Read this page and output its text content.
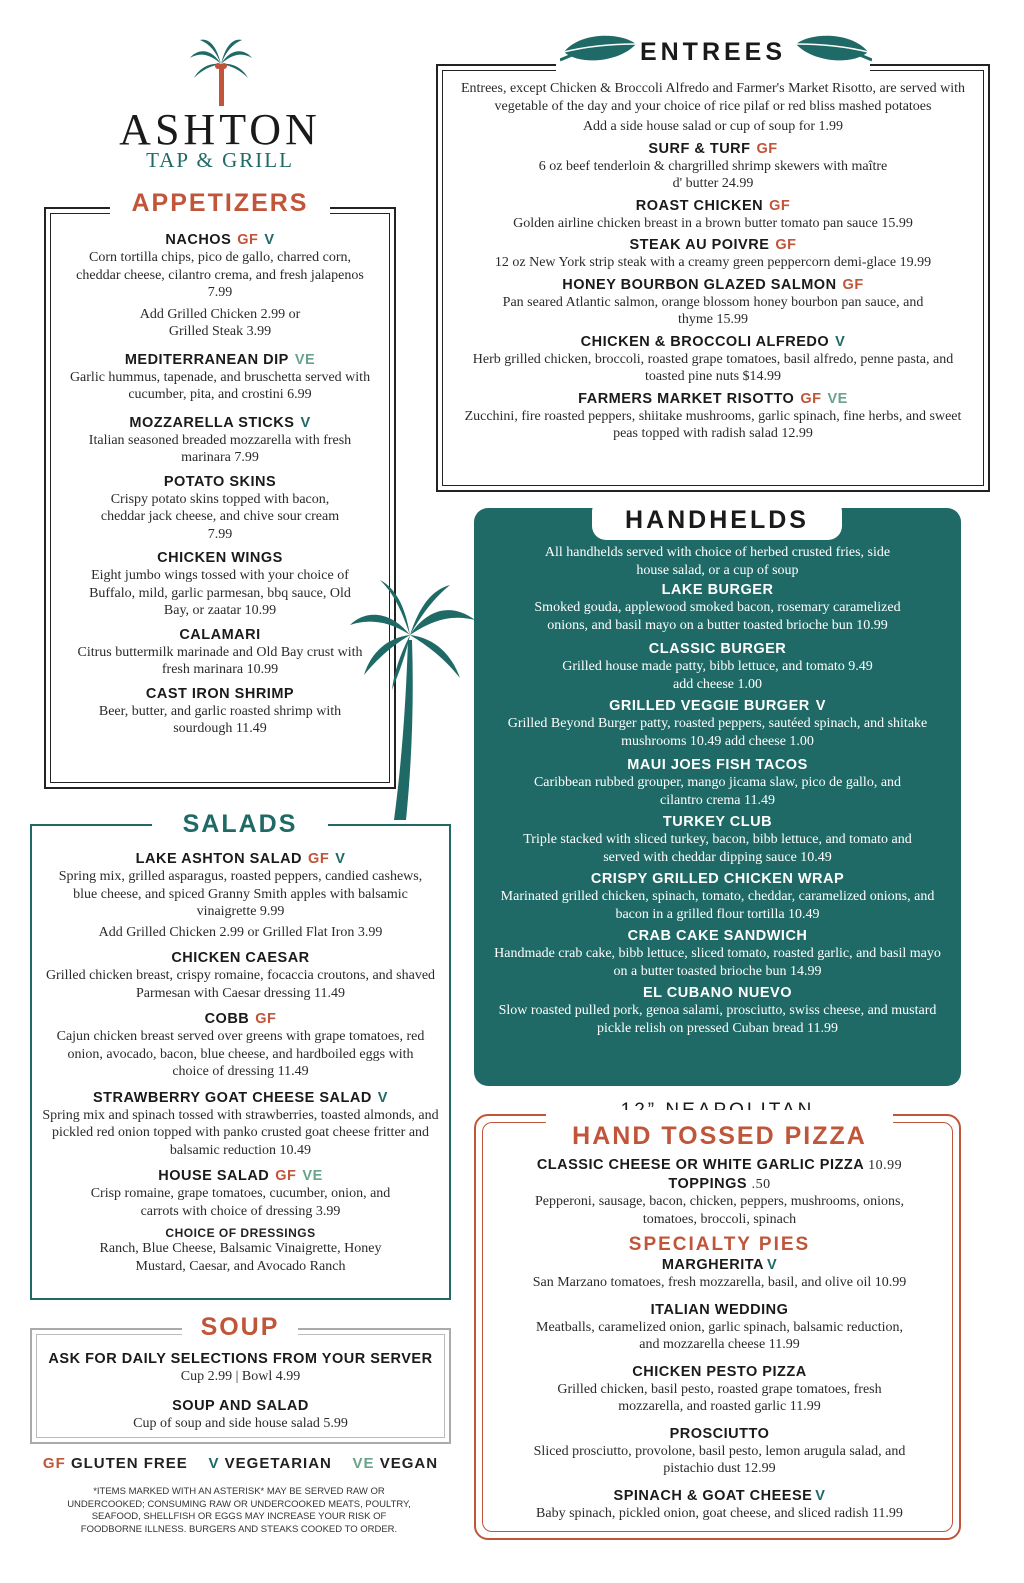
ASHTON
TAP & GRILL
APPETIZERS
NACHOS GF V
Corn tortilla chips, pico de gallo, charred corn, cheddar cheese, cilantro crema, and fresh jalapenos 7.99
Add Grilled Chicken 2.99 or Grilled Steak 3.99
MEDITERRANEAN DIP VE
Garlic hummus, tapenade, and bruschetta served with cucumber, pita, and crostini 6.99
MOZZARELLA STICKS V
Italian seasoned breaded mozzarella with fresh marinara 7.99
POTATO SKINS
Crispy potato skins topped with bacon, cheddar jack cheese, and chive sour cream 7.99
CHICKEN WINGS
Eight jumbo wings tossed with your choice of Buffalo, mild, garlic parmesan, bbq sauce, Old Bay, or zaatar 10.99
CALAMARI
Citrus buttermilk marinade and Old Bay crust with fresh marinara 10.99
CAST IRON SHRIMP
Beer, butter, and garlic roasted shrimp with sourdough 11.49
SALADS
LAKE ASHTON SALAD GF V
Spring mix, grilled asparagus, roasted peppers, candied cashews, blue cheese, and spiced Granny Smith apples with balsamic vinaigrette 9.99
Add Grilled Chicken 2.99 or Grilled Flat Iron 3.99
CHICKEN CAESAR
Grilled chicken breast, crispy romaine, focaccia croutons, and shaved Parmesan with Caesar dressing 11.49
COBB GF
Cajun chicken breast served over greens with grape tomatoes, red onion, avocado, bacon, blue cheese, and hardboiled eggs with choice of dressing 11.49
STRAWBERRY GOAT CHEESE SALAD V
Spring mix and spinach tossed with strawberries, toasted almonds, and pickled red onion topped with panko crusted goat cheese fritter and balsamic reduction 10.49
HOUSE SALAD GF VE
Crisp romaine, grape tomatoes, cucumber, onion, and carrots with choice of dressing 3.99
CHOICE OF DRESSINGS
Ranch, Blue Cheese, Balsamic Vinaigrette, Honey Mustard, Caesar, and Avocado Ranch
SOUP
ASK FOR DAILY SELECTIONS FROM YOUR SERVER
Cup 2.99 | Bowl 4.99
SOUP AND SALAD
Cup of soup and side house salad 5.99
GF GLUTEN FREE V VEGETARIAN VE VEGAN
*ITEMS MARKED WITH AN ASTERISK* MAY BE SERVED RAW OR UNDERCOOKED; CONSUMING RAW OR UNDERCOOKED MEATS, POULTRY, SEAFOOD, SHELLFISH OR EGGS MAY INCREASE YOUR RISK OF FOODBORNE ILLNESS. BURGERS AND STEAKS COOKED TO ORDER.
ENTREES
Entrees, except Chicken & Broccoli Alfredo and Farmer's Market Risotto, are served with vegetable of the day and your choice of rice pilaf or red bliss mashed potatoes
Add a side house salad or cup of soup for 1.99
SURF & TURF GF
6 oz beef tenderloin & chargrilled shrimp skewers with maître d' butter 24.99
ROAST CHICKEN GF
Golden airline chicken breast in a brown butter tomato pan sauce 15.99
STEAK AU POIVRE GF
12 oz New York strip steak with a creamy green peppercorn demi-glace 19.99
HONEY BOURBON GLAZED SALMON GF
Pan seared Atlantic salmon, orange blossom honey bourbon pan sauce, and thyme 15.99
CHICKEN & BROCCOLI ALFREDO V
Herb grilled chicken, broccoli, roasted grape tomatoes, basil alfredo, penne pasta, and toasted pine nuts $14.99
FARMERS MARKET RISOTTO GF VE
Zucchini, fire roasted peppers, shiitake mushrooms, garlic spinach, fine herbs, and sweet peas topped with radish salad 12.99
HANDHELDS
All handhelds served with choice of herbed crusted fries, side house salad, or a cup of soup
LAKE BURGER
Smoked gouda, applewood smoked bacon, rosemary caramelized onions, and basil mayo on a butter toasted brioche bun 10.99
CLASSIC BURGER
Grilled house made patty, bibb lettuce, and tomato 9.49
add cheese 1.00
GRILLED VEGGIE BURGER V
Grilled Beyond Burger patty, roasted peppers, sautéed spinach, and shitake mushrooms 10.49 add cheese 1.00
MAUI JOES FISH TACOS
Caribbean rubbed grouper, mango jicama slaw, pico de gallo, and cilantro crema 11.49
TURKEY CLUB
Triple stacked with sliced turkey, bacon, bibb lettuce, and tomato and served with cheddar dipping sauce 10.49
CRISPY GRILLED CHICKEN WRAP
Marinated grilled chicken, spinach, tomato, cheddar, caramelized onions, and bacon in a grilled flour tortilla 10.49
CRAB CAKE SANDWICH
Handmade crab cake, bibb lettuce, sliced tomato, roasted garlic, and basil mayo on a butter toasted brioche bun 14.99
EL CUBANO NUEVO
Slow roasted pulled pork, genoa salami, prosciutto, swiss cheese, and mustard pickle relish on pressed Cuban bread 11.99
HAND TOSSED PIZZA
CLASSIC CHEESE OR WHITE GARLIC PIZZA 10.99
TOPPINGS .50
Pepperoni, sausage, bacon, chicken, peppers, mushrooms, onions, tomatoes, broccoli, spinach
SPECIALTY PIES
MARGHERITA V
San Marzano tomatoes, fresh mozzarella, basil, and olive oil 10.99
ITALIAN WEDDING
Meatballs, caramelized onion, garlic spinach, balsamic reduction, and mozzarella cheese 11.99
CHICKEN PESTO PIZZA
Grilled chicken, basil pesto, roasted grape tomatoes, fresh mozzarella, and roasted garlic 11.99
PROSCIUTTO
Sliced prosciutto, provolone, basil pesto, lemon arugula salad, and pistachio dust 12.99
SPINACH & GOAT CHEESE V
Baby spinach, pickled onion, goat cheese, and sliced radish 11.99
